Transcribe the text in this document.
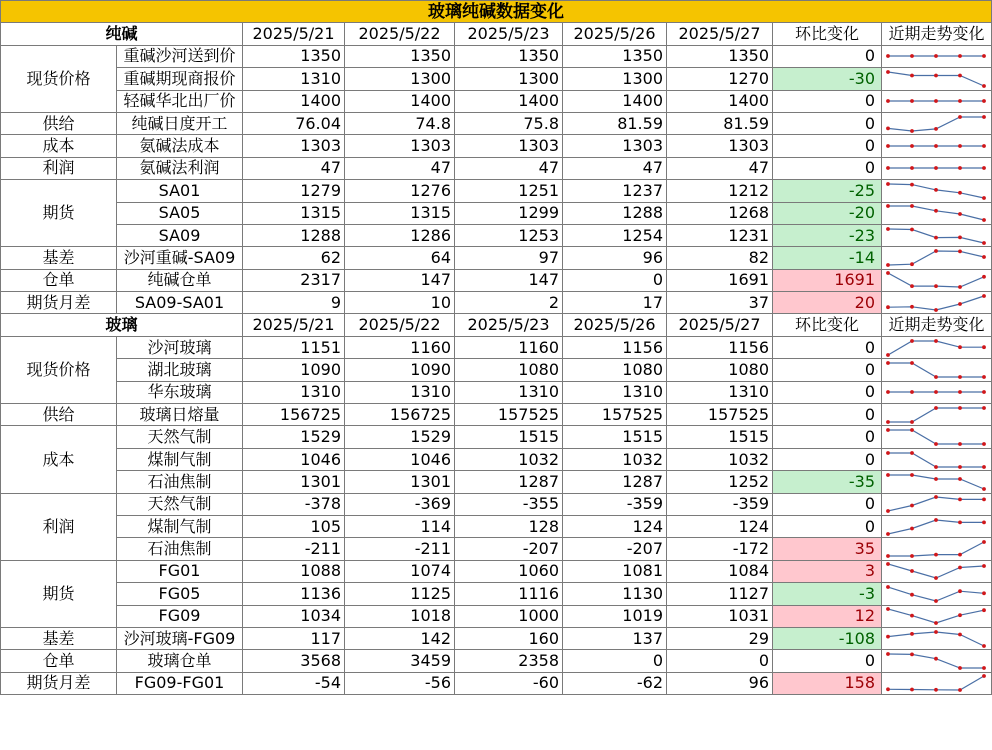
玻璃纯碱数据变化								
纯碱		2025/5/21	2025/5/22	2025/5/23	2025/5/26	2025/5/27	环比变化	近期走势变化
现货价格	重碱沙河送到价	1350	1350	1350	1350	1350	0	

	重碱期现商报价	1310	1300	1300	1300	1270	-30	

	轻碱华北出厂价	1400	1400	1400	1400	1400	0	

供给	纯碱日度开工	76.04	74.8	75.8	81.59	81.59	0	

成本	氨碱法成本	1303	1303	1303	1303	1303	0	

利润	氨碱法利润	47	47	47	47	47	0	

期货	SA01	1279	1276	1251	1237	1212	-25	

	SA05	1315	1315	1299	1288	1268	-20	

	SA09	1288	1286	1253	1254	1231	-23	

基差	沙河重碱-SA09	62	64	97	96	82	-14	

仓单	纯碱仓单	2317	147	147	0	1691	1691	

期货月差	SA09-SA01	9	10	2	17	37	20	

玻璃		2025/5/21	2025/5/22	2025/5/23	2025/5/26	2025/5/27	环比变化	近期走势变化
现货价格	沙河玻璃	1151	1160	1160	1156	1156	0	

	湖北玻璃	1090	1090	1080	1080	1080	0	

	华东玻璃	1310	1310	1310	1310	1310	0	

供给	玻璃日熔量	156725	156725	157525	157525	157525	0	

成本	天然气制	1529	1529	1515	1515	1515	0	

	煤制气制	1046	1046	1032	1032	1032	0	

	石油焦制	1301	1301	1287	1287	1252	-35	

利润	天然气制	-378	-369	-355	-359	-359	0	

	煤制气制	105	114	128	124	124	0	

	石油焦制	-211	-211	-207	-207	-172	35	

期货	FG01	1088	1074	1060	1081	1084	3	

	FG05	1136	1125	1116	1130	1127	-3	

	FG09	1034	1018	1000	1019	1031	12	

基差	沙河玻璃-FG09	117	142	160	137	29	-108	

仓单	玻璃仓单	3568	3459	2358	0	0	0	

期货月差	FG09-FG01	-54	-56	-60	-62	96	158	
